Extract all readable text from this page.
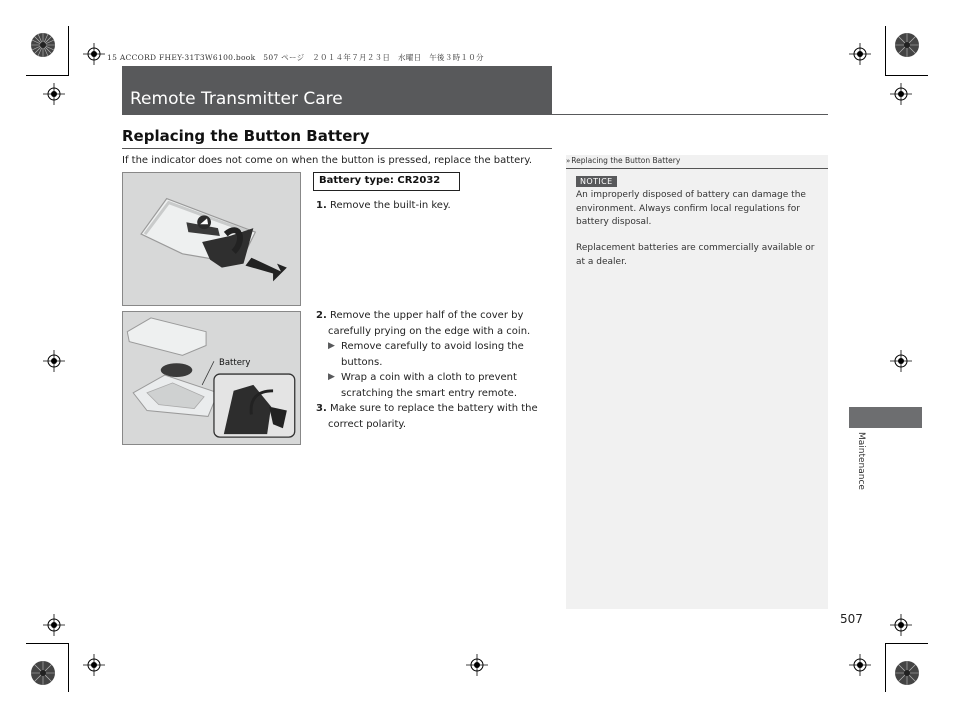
15 ACCORD FHEY-31T3W6100.book　507 ページ　２０１４年７月２３日　水曜日　午後３時１０分
Remote Transmitter Care
Replacing the Button Battery

If the indicator does not come on when the button is pressed, replace the battery.

Battery
Battery type: CR2032
1. Remove the built-in key.
2. Remove the upper half of the cover by
carefully prying on the edge with a coin.
▶ Remove carefully to avoid losing the
buttons.
▶ Wrap a coin with a cloth to prevent
scratching the smart entry remote.
3. Make sure to replace the battery with the
correct polarity.
»Replacing the Button Battery
NOTICE
An improperly disposed of battery can damage the
environment. Always confirm local regulations for
battery disposal.
Replacement batteries are commercially available or
at a dealer.
Maintenance
507
